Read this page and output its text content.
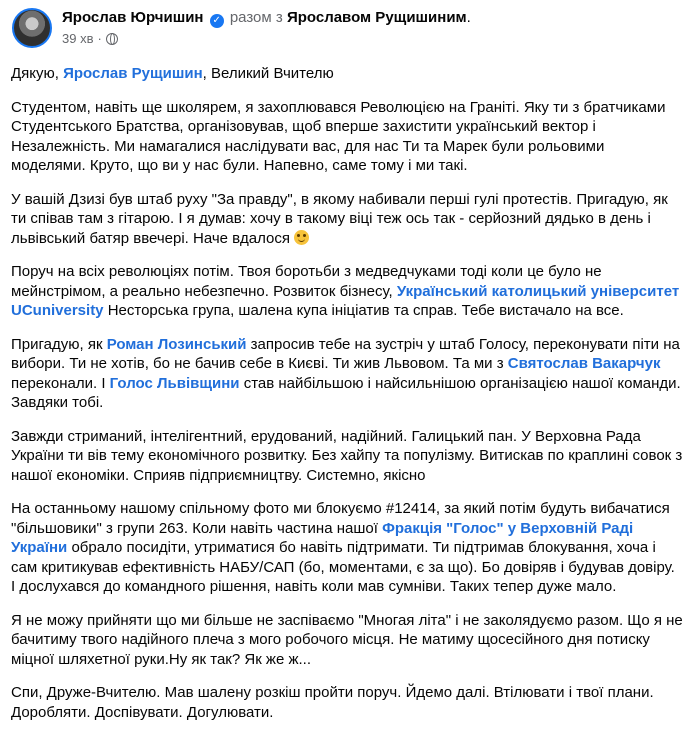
Ярослав Юрчишин ✓ разом з Ярославом Рущишиним.
39 хв ·

Дякую, Ярослав Рущишин, Великий Вчителю

Студентом, навіть ще школярем, я захоплювався Революцією на Граніті. Яку ти з братчиками Студентського Братства, організовував, щоб вперше захистити український вектор і Незалежність. Ми намагалися наслідувати вас, для нас Ти та Марек були рольовими моделями. Круто, що ви у нас були. Напевно, саме тому і ми такі.

У вашій Дзизі був штаб руху "За правду", в якому набивали перші гулі протестів. Пригадую, як ти співав там з гітарою. І я думав: хочу в такому віці теж ось так - серйозний дядько в день і львівський батяр ввечері. Наче вдалося

Поруч на всіх революціях потім. Твоя боротьби з медведчуками тоді коли це було не мейнстрімом, а реально небезпечно. Розвиток бізнесу, Український католицький університет UCuniversity Несторська група, шалена купа ініціатив та справ. Тебе вистачало на все.

Пригадую, як Роман Лозинський запросив тебе на зустріч у штаб Голосу, переконувати піти на вибори. Ти не хотів, бо не бачив себе в Києві. Ти жив Львовом. Та ми з Святослав Вакарчук переконали. І Голос Львівщини став найбільшою і найсильнішою організацією нашої команди. Завдяки тобі.

Завжди стриманий, інтелігентний, ерудований, надійний. Галицький пан. У Верховна Рада України ти вів тему економічного розвитку. Без хайпу та популізму. Витискав по краплині совок з нашої економіки. Сприяв підприємництву. Системно, якісно

На останньому нашому спільному фото ми блокуємо #12414, за який потім будуть вибачатися "більшовики" з групи 263. Коли навіть частина нашої Фракція "Голос" у Верховній Раді України обрало посидіти, утриматися бо навіть підтримати. Ти підтримав блокування, хоча і сам критикував ефективність НАБУ/САП (бо, моментами, є за що). Бо довіряв і будував довіру. І дослухався до командного рішення, навіть коли мав сумніви. Таких тепер дуже мало.

Я не можу прийняти що ми більше не заспіваємо "Многая літа" і не заколядуємо разом. Що я не бачитиму твого надійного плеча з мого робочого місця. Не матиму щосесійного дня потиску міцної шляхетної руки.Ну як так? Як же ж...

Спи, Друже-Вчителю. Мав шалену розкіш пройти поруч. Йдемо далі. Втілювати і твої плани. Доробляти. Доспівувати. Догулювати.
